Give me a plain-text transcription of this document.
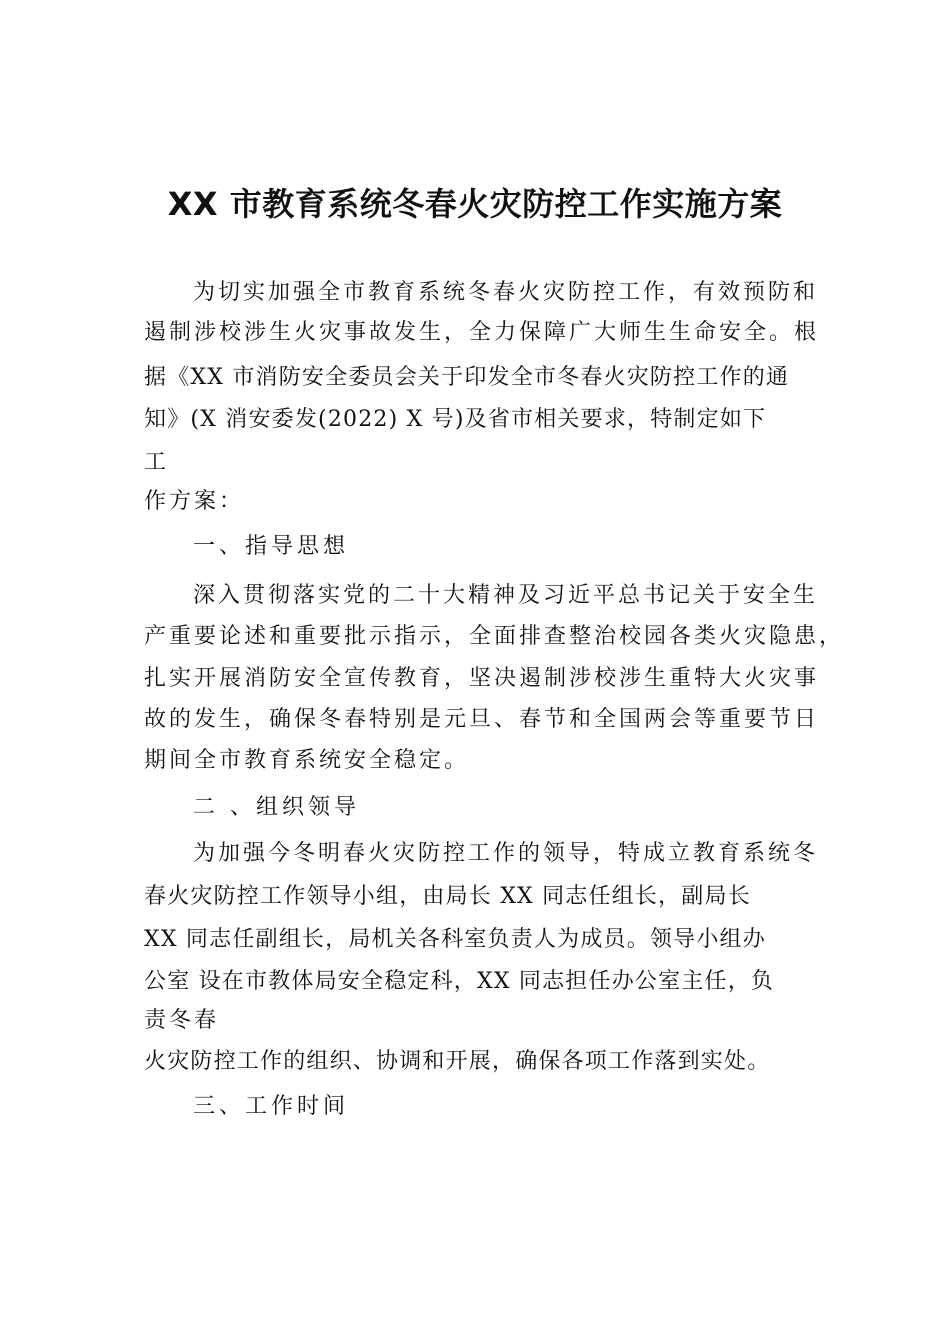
XX 市教育系统冬春火灾防控工作实施方案

为切实加强全市教育系统冬春火灾防控工作，有效预防和

遏制涉校涉生火灾事故发生，全力保障广大师生生命安全。根

据《XX 市消防安全委员会关于印发全市冬春火灾防控工作的通

知》(X 消安委发(2022) X 号)及省市相关要求，特制定如下

工

作方案：

一、指导思想

深入贯彻落实党的二十大精神及习近平总书记关于安全生

产重要论述和重要批示指示，全面排查整治校园各类火灾隐患，

扎实开展消防安全宣传教育，坚决遏制涉校涉生重特大火灾事

故的发生，确保冬春特别是元旦、春节和全国两会等重要节日

期间全市教育系统安全稳定。

二 、组织领导

为加强今冬明春火灾防控工作的领导，特成立教育系统冬

春火灾防控工作领导小组，由局长 XX 同志任组长，副局长

XX 同志任副组长，局机关各科室负责人为成员。领导小组办

公室 设在市教体局安全稳定科，XX 同志担任办公室主任，负

责冬春

火灾防控工作的组织、协调和开展，确保各项工作落到实处。

三、工作时间
